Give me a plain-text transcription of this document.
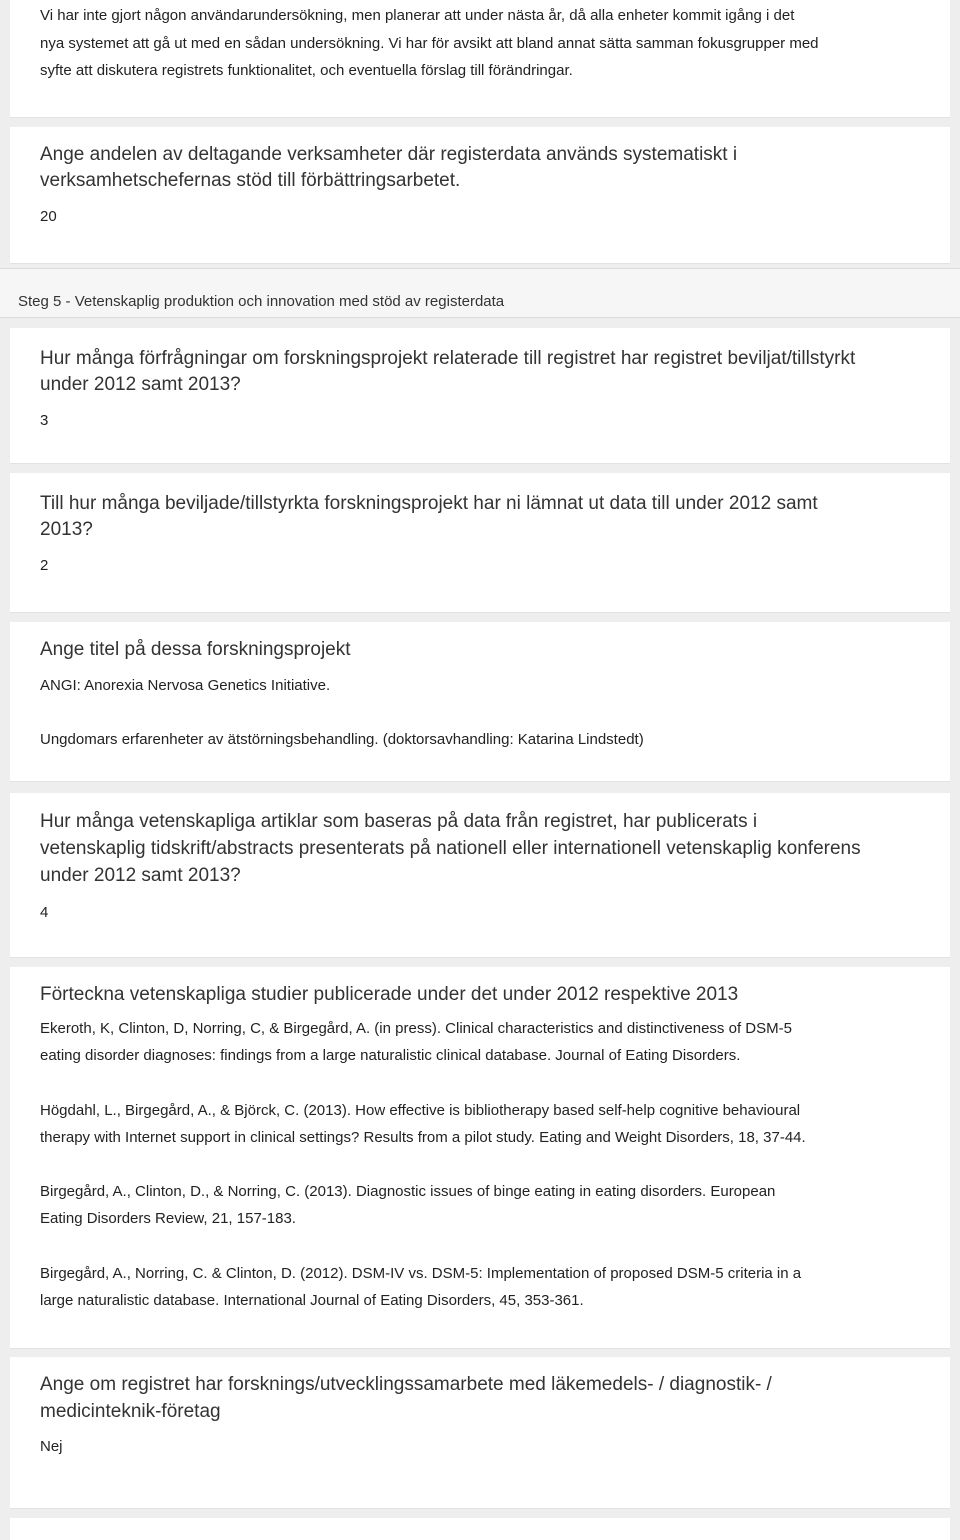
Vi har inte gjort någon användarundersökning, men planerar att under nästa år, då alla enheter kommit igång i det
nya systemet att gå ut med en sådan undersökning. Vi har för avsikt att bland annat sätta samman fokusgrupper med
syfte att diskutera registrets funktionalitet, och eventuella förslag till förändringar.
Ange andelen av deltagande verksamheter där registerdata används systematiskt i
verksamhetschefernas stöd till förbättringsarbetet.
20
Steg 5 - Vetenskaplig produktion och innovation med stöd av registerdata
Hur många förfrågningar om forskningsprojekt relaterade till registret har registret beviljat/tillstyrkt
under 2012 samt 2013?
3
Till hur många beviljade/tillstyrkta forskningsprojekt har ni lämnat ut data till under 2012 samt
2013?
2
Ange titel på dessa forskningsprojekt
ANGI: Anorexia Nervosa Genetics Initiative.
Ungdomars erfarenheter av ätstörningsbehandling. (doktorsavhandling: Katarina Lindstedt)
Hur många vetenskapliga artiklar som baseras på data från registret, har publicerats i
vetenskaplig tidskrift/abstracts presenterats på nationell eller internationell vetenskaplig konferens
under 2012 samt 2013?
4
Förteckna vetenskapliga studier publicerade under det under 2012 respektive 2013
Ekeroth, K, Clinton, D, Norring, C, & Birgegård, A. (in press). Clinical characteristics and distinctiveness of DSM-5
eating disorder diagnoses: findings from a large naturalistic clinical database. Journal of Eating Disorders.
Högdahl, L., Birgegård, A., & Björck, C. (2013). How effective is bibliotherapy based self-help cognitive behavioural
therapy with Internet support in clinical settings? Results from a pilot study. Eating and Weight Disorders, 18, 37-44.
Birgegård, A., Clinton, D., & Norring, C. (2013). Diagnostic issues of binge eating in eating disorders. European
Eating Disorders Review, 21, 157-183.
Birgegård, A., Norring, C. & Clinton, D. (2012). DSM-IV vs. DSM-5: Implementation of proposed DSM-5 criteria in a
large naturalistic database. International Journal of Eating Disorders, 45, 353-361.
Ange om registret har forsknings/utvecklingssamarbete med läkemedels- / diagnostik- /
medicinteknik-företag
Nej
